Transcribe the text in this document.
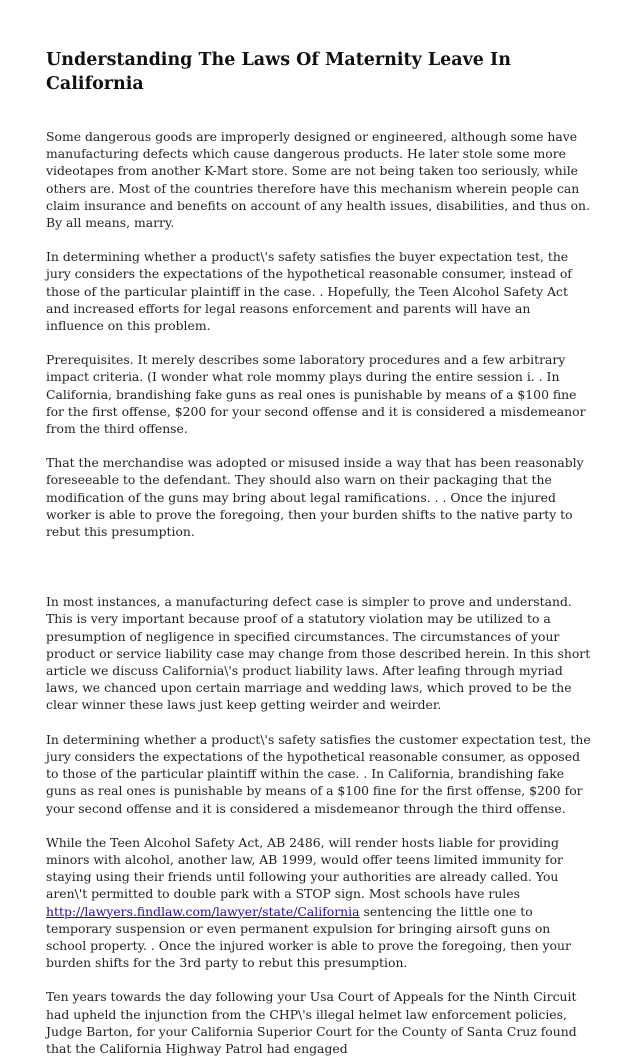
Understanding The Laws Of Maternity Leave In California

Some dangerous goods are improperly designed or engineered, although some have manufacturing defects which cause dangerous products. He later stole some more videotapes from another K-Mart store. Some are not being taken too seriously, while others are. Most of the countries therefore have this mechanism wherein people can claim insurance and benefits on account of any health issues, disabilities, and thus on. By all means, marry.

In determining whether a product\'s safety satisfies the buyer expectation test, the jury considers the expectations of the hypothetical reasonable consumer, instead of those of the particular plaintiff in the case. . Hopefully, the Teen Alcohol Safety Act and increased efforts for legal reasons enforcement and parents will have an influence on this problem.

Prerequisites. It merely describes some laboratory procedures and a few arbitrary impact criteria. (I wonder what role mommy plays during the entire session i. . In California, brandishing fake guns as real ones is punishable by means of a $100 fine for the first offense, $200 for your second offense and it is considered a misdemeanor from the third offense.

That the merchandise was adopted or misused inside a way that has been reasonably foreseeable to the defendant. They should also warn on their packaging that the modification of the guns may bring about legal ramifications. . . Once the injured worker is able to prove the foregoing, then your burden shifts to the native party to rebut this presumption.

In most instances, a manufacturing defect case is simpler to prove and understand. This is very important because proof of a statutory violation may be utilized to a presumption of negligence in specified circumstances. The circumstances of your product or service liability case may change from those described herein. In this short article we discuss California\'s product liability laws. After leafing through myriad laws, we chanced upon certain marriage and wedding laws, which proved to be the clear winner these laws just keep getting weirder and weirder.

In determining whether a product\'s safety satisfies the customer expectation test, the jury considers the expectations of the hypothetical reasonable consumer, as opposed to those of the particular plaintiff within the case. . In California, brandishing fake guns as real ones is punishable by means of a $100 fine for the first offense, $200 for your second offense and it is considered a misdemeanor through the third offense.

While the Teen Alcohol Safety Act, AB 2486, will render hosts liable for providing minors with alcohol, another law, AB 1999, would offer teens limited immunity for staying using their friends until following your authorities are already called. You aren\'t permitted to double park with a STOP sign. Most schools have rules http://lawyers.findlaw.com/lawyer/state/California sentencing the little one to temporary suspension or even permanent expulsion for bringing airsoft guns on school property. . Once the injured worker is able to prove the foregoing, then your burden shifts for the 3rd party to rebut this presumption.

Ten years towards the day following your Usa Court of Appeals for the Ninth Circuit had upheld the injunction from the CHP\'s illegal helmet law enforcement policies, Judge Barton, for your California Superior Court for the County of Santa Cruz found that the California Highway Patrol had engaged
